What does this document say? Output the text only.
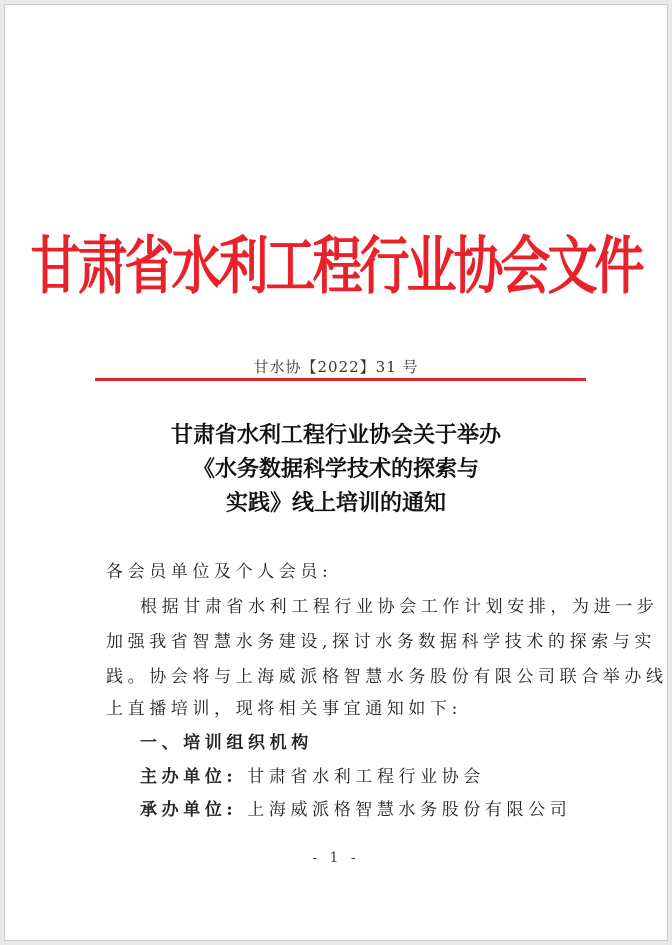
甘肃省水利工程行业协会文件
甘水协【2022】31 号
甘肃省水利工程行业协会关于举办
《水务数据科学技术的探索与
实践》线上培训的通知
各会员单位及个人会员:
根据甘肃省水利工程行业协会工作计划安排，为进一步
加强我省智慧水务建设,探讨水务数据科学技术的探索与实
践。协会将与上海威派格智慧水务股份有限公司联合举办线
上直播培训，现将相关事宜通知如下:
一、培训组织机构
主办单位: 甘肃省水利工程行业协会
承办单位: 上海威派格智慧水务股份有限公司
- 1 -
